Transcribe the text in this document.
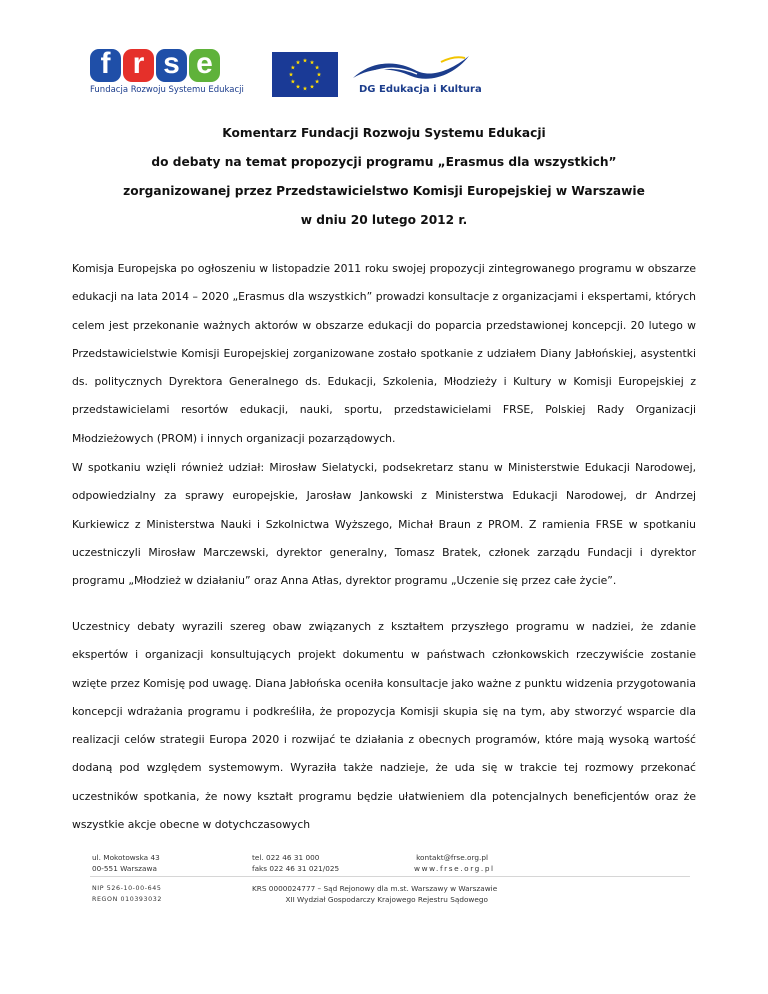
f r s e
Fundacja Rozwoju Systemu Edukacji	DG Edukacja i Kultura
Komentarz Fundacji Rozwoju Systemu Edukacji
do debaty na temat propozycji programu „Erasmus dla wszystkich”
zorganizowanej przez Przedstawicielstwo Komisji Europejskiej w Warszawie
w dniu 20 lutego 2012 r.

Komisja Europejska po ogłoszeniu w listopadzie 2011 roku swojej propozycji zintegrowanego programu w obszarze edukacji na lata 2014 – 2020 „Erasmus dla wszystkich” prowadzi konsultacje z organizacjami i ekspertami, których celem jest przekonanie ważnych aktorów w obszarze edukacji do poparcia przedstawionej koncepcji. 20 lutego w Przedstawicielstwie Komisji Europejskiej zorganizowane zostało spotkanie z udziałem Diany Jabłońskiej, asystentki ds. politycznych Dyrektora Generalnego ds. Edukacji, Szkolenia, Młodzieży i Kultury w Komisji Europejskiej z przedstawicielami resortów edukacji, nauki, sportu, przedstawicielami FRSE, Polskiej Rady Organizacji Młodzieżowych (PROM) i innych organizacji pozarządowych.

W spotkaniu wzięli również udział: Mirosław Sielatycki, podsekretarz stanu w Ministerstwie Edukacji Narodowej, odpowiedzialny za sprawy europejskie, Jarosław Jankowski z Ministerstwa Edukacji Narodowej, dr Andrzej Kurkiewicz z Ministerstwa Nauki i Szkolnictwa Wyższego, Michał Braun z PROM. Z ramienia FRSE w spotkaniu uczestniczyli Mirosław Marczewski, dyrektor generalny, Tomasz Bratek, członek zarządu Fundacji i dyrektor programu „Młodzież w działaniu” oraz Anna Atłas, dyrektor programu „Uczenie się przez całe życie”.

Uczestnicy debaty wyrazili szereg obaw związanych z kształtem przyszłego programu w nadziei, że zdanie ekspertów i organizacji konsultujących projekt dokumentu w państwach członkowskich rzeczywiście zostanie wzięte przez Komisję pod uwagę. Diana Jabłońska oceniła konsultacje jako ważne z punktu widzenia przygotowania koncepcji wdrażania programu i podkreśliła, że propozycja Komisji skupia się na tym, aby stworzyć wsparcie dla realizacji celów strategii Europa 2020 i rozwijać te działania z obecnych programów, które mają wysoką wartość dodaną pod względem systemowym. Wyraziła także nadzieje, że uda się w trakcie tej rozmowy przekonać uczestników spotkania, że nowy kształt programu będzie ułatwieniem dla potencjalnych beneficjentów oraz że wszystkie akcje obecne w dotychczasowych

ul. Mokotowska 43
00-551 Warszawa
tel. 022 46 31 000
faks 022 46 31 021/025
kontakt@frse.org.pl
www.frse.org.pl
NIP 526-10-00-645
REGON 010393032
KRS 0000024777 – Sąd Rejonowy dla m.st. Warszawy w Warszawie
XII Wydział Gospodarczy Krajowego Rejestru Sądowego
